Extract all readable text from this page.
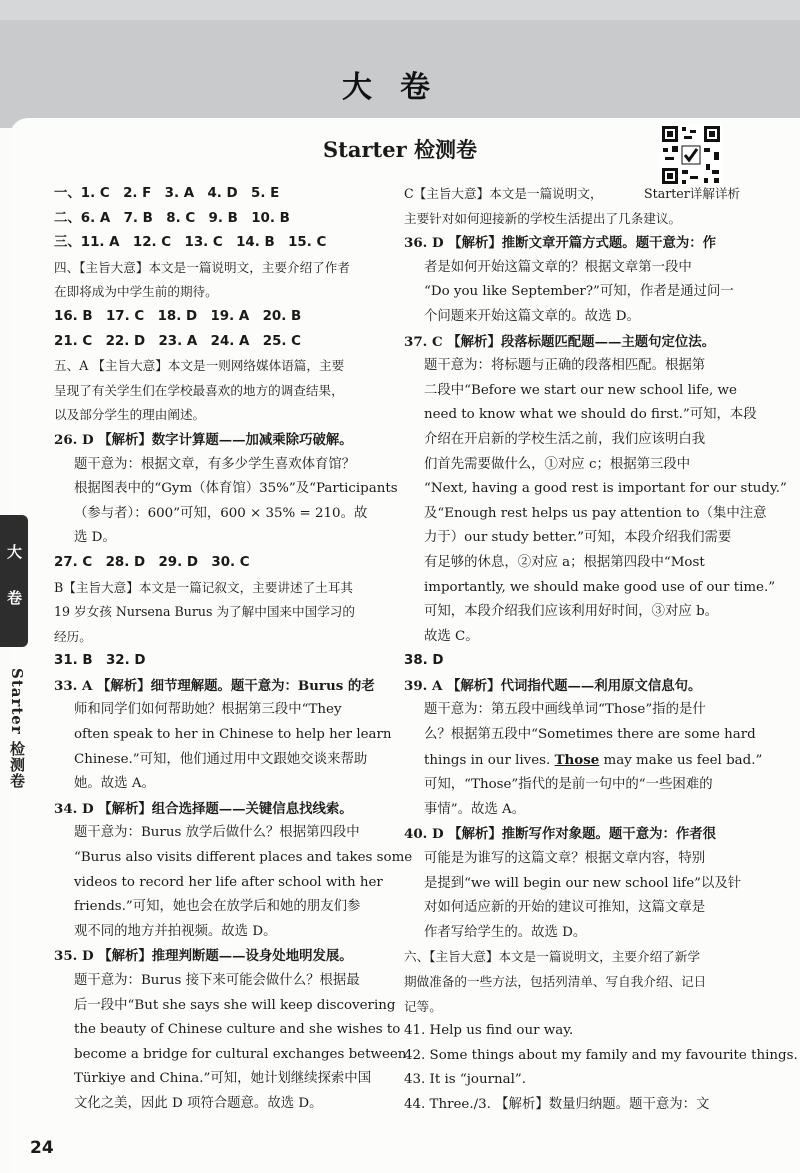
大卷
Starter 检测卷
大
卷
Starter 检测卷
一、1. C　2. F　3. A　4. D　5. E
二、6. A　7. B　8. C　9. B　10. B
三、11. A　12. C　13. C　14. B　15. C
四、【主旨大意】本文是一篇说明文，主要介绍了作者
在即将成为中学生前的期待。
16. B　17. C　18. D　19. A　20. B
21. C　22. D　23. A　24. A　25. C
五、A 【主旨大意】本文是一则网络媒体语篇，主要
呈现了有关学生们在学校最喜欢的地方的调查结果，
以及部分学生的理由阐述。
26. D 【解析】数字计算题——加减乘除巧破解。
题干意为：根据文章，有多少学生喜欢体育馆？
根据图表中的“Gym（体育馆）35%”及“Participants
（参与者）：600”可知，600 × 35% = 210。故
选 D。
27. C　28. D　29. D　30. C
B【主旨大意】本文是一篇记叙文，主要讲述了土耳其
19 岁女孩 Nursena Burus 为了解中国来中国学习的
经历。
31. B　32. D
33. A 【解析】细节理解题。题干意为：Burus 的老
师和同学们如何帮助她？根据第三段中“They
often speak to her in Chinese to help her learn
Chinese.”可知，他们通过用中文跟她交谈来帮助
她。故选 A。
34. D 【解析】组合选择题——关键信息找线索。
题干意为：Burus 放学后做什么？根据第四段中
“Burus also visits different places and takes some
videos to record her life after school with her
friends.”可知，她也会在放学后和她的朋友们参
观不同的地方并拍视频。故选 D。
35. D 【解析】推理判断题——设身处地明发展。
题干意为：Burus 接下来可能会做什么？根据最
后一段中“But she says she will keep discovering
the beauty of Chinese culture and she wishes to
become a bridge for cultural exchanges between
Türkiye and China.”可知，她计划继续探索中国
文化之美，因此 D 项符合题意。故选 D。
C【主旨大意】本文是一篇说明文，	Starter详解详析
主要针对如何迎接新的学校生活提出了几条建议。
36. D 【解析】推断文章开篇方式题。题干意为：作
者是如何开始这篇文章的？根据文章第一段中
“Do you like September?”可知，作者是通过问一
个问题来开始这篇文章的。故选 D。
37. C 【解析】段落标题匹配题——主题句定位法。
题干意为：将标题与正确的段落相匹配。根据第
二段中“Before we start our new school life, we
need to know what we should do first.”可知，本段
介绍在开启新的学校生活之前，我们应该明白我
们首先需要做什么，①对应 c；根据第三段中
“Next, having a good rest is important for our study.”
及“Enough rest helps us pay attention to（集中注意
力于）our study better.”可知，本段介绍我们需要
有足够的休息，②对应 a；根据第四段中“Most
importantly, we should make good use of our time.”
可知，本段介绍我们应该利用好时间，③对应 b。
故选 C。
38. D
39. A 【解析】代词指代题——利用原文信息句。
题干意为：第五段中画线单词“Those”指的是什
么？根据第五段中“Sometimes there are some hard
things in our lives. Those may make us feel bad.”
可知，“Those”指代的是前一句中的“一些困难的
事情”。故选 A。
40. D 【解析】推断写作对象题。题干意为：作者很
可能是为谁写的这篇文章？根据文章内容，特别
是提到“we will begin our new school life”以及针
对如何适应新的开始的建议可推知，这篇文章是
作者写给学生的。故选 D。
六、【主旨大意】本文是一篇说明文，主要介绍了新学
期做准备的一些方法，包括列清单、写自我介绍、记日
记等。
41. Help us find our way.
42. Some things about my family and my favourite things.
43. It is “journal”.
44. Three./3. 【解析】数量归纳题。题干意为：文
24
